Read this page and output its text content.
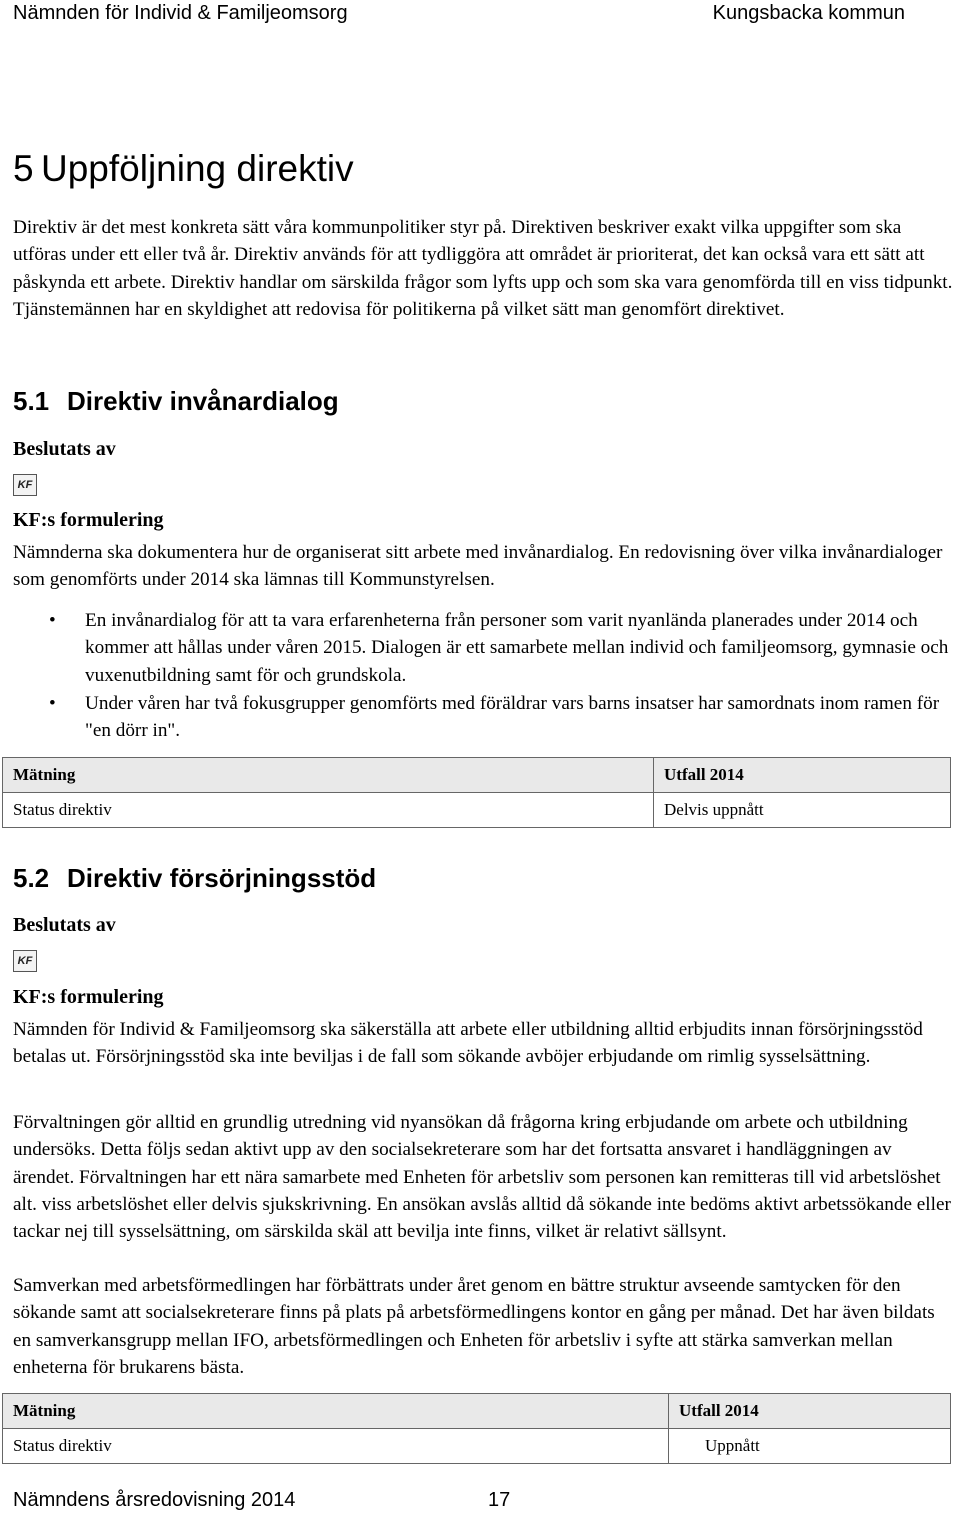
Nämnden för Individ & Familjeomsorg	Kungsbacka kommun
5 Uppföljning direktiv
Direktiv är det mest konkreta sätt våra kommunpolitiker styr på. Direktiven beskriver exakt vilka uppgifter som ska utföras under ett eller två år. Direktiv används för att tydliggöra att området är prioriterat, det kan också vara ett sätt att påskynda ett arbete. Direktiv handlar om särskilda frågor som lyfts upp och som ska vara genomförda till en viss tidpunkt. Tjänstemännen har en skyldighet att redovisa för politikerna på vilket sätt man genomfört direktivet.
5.1 Direktiv invånardialog
Beslutats av
KF
KF:s formulering
Nämnderna ska dokumentera hur de organiserat sitt arbete med invånardialog. En redovisning över vilka invånardialoger som genomförts under 2014 ska lämnas till Kommunstyrelsen.
• En invånardialog för att ta vara erfarenheterna från personer som varit nyanlända planerades under 2014 och kommer att hållas under våren 2015. Dialogen är ett samarbete mellan individ och familjeomsorg, gymnasie och vuxenutbildning samt för och grundskola.
• Under våren har två fokusgrupper genomförts med föräldrar vars barns insatser har samordnats inom ramen för "en dörr in".
Mätning	Utfall 2014
Status direktiv	Delvis uppnått
5.2 Direktiv försörjningsstöd
Beslutats av
KF
KF:s formulering
Nämnden för Individ & Familjeomsorg ska säkerställa att arbete eller utbildning alltid erbjudits innan försörjningsstöd betalas ut. Försörjningsstöd ska inte beviljas i de fall som sökande avböjer erbjudande om rimlig sysselsättning.
Förvaltningen gör alltid en grundlig utredning vid nyansökan då frågorna kring erbjudande om arbete och utbildning undersöks. Detta följs sedan aktivt upp av den socialsekreterare som har det fortsatta ansvaret i handläggningen av ärendet. Förvaltningen har ett nära samarbete med Enheten för arbetsliv som personen kan remitteras till vid arbetslöshet alt. viss arbetslöshet eller delvis sjukskrivning. En ansökan avslås alltid då sökande inte bedöms aktivt arbetssökande eller tackar nej till sysselsättning, om särskilda skäl att bevilja inte finns, vilket är relativt sällsynt.
Samverkan med arbetsförmedlingen har förbättrats under året genom en bättre struktur avseende samtycken för den sökande samt att socialsekreterare finns på plats på arbetsförmedlingens kontor en gång per månad. Det har även bildats en samverkansgrupp mellan IFO, arbetsförmedlingen och Enheten för arbetsliv i syfte att stärka samverkan mellan enheterna för brukarens bästa.
Mätning	Utfall 2014
Status direktiv	Uppnått
Nämndens årsredovisning 2014	17
